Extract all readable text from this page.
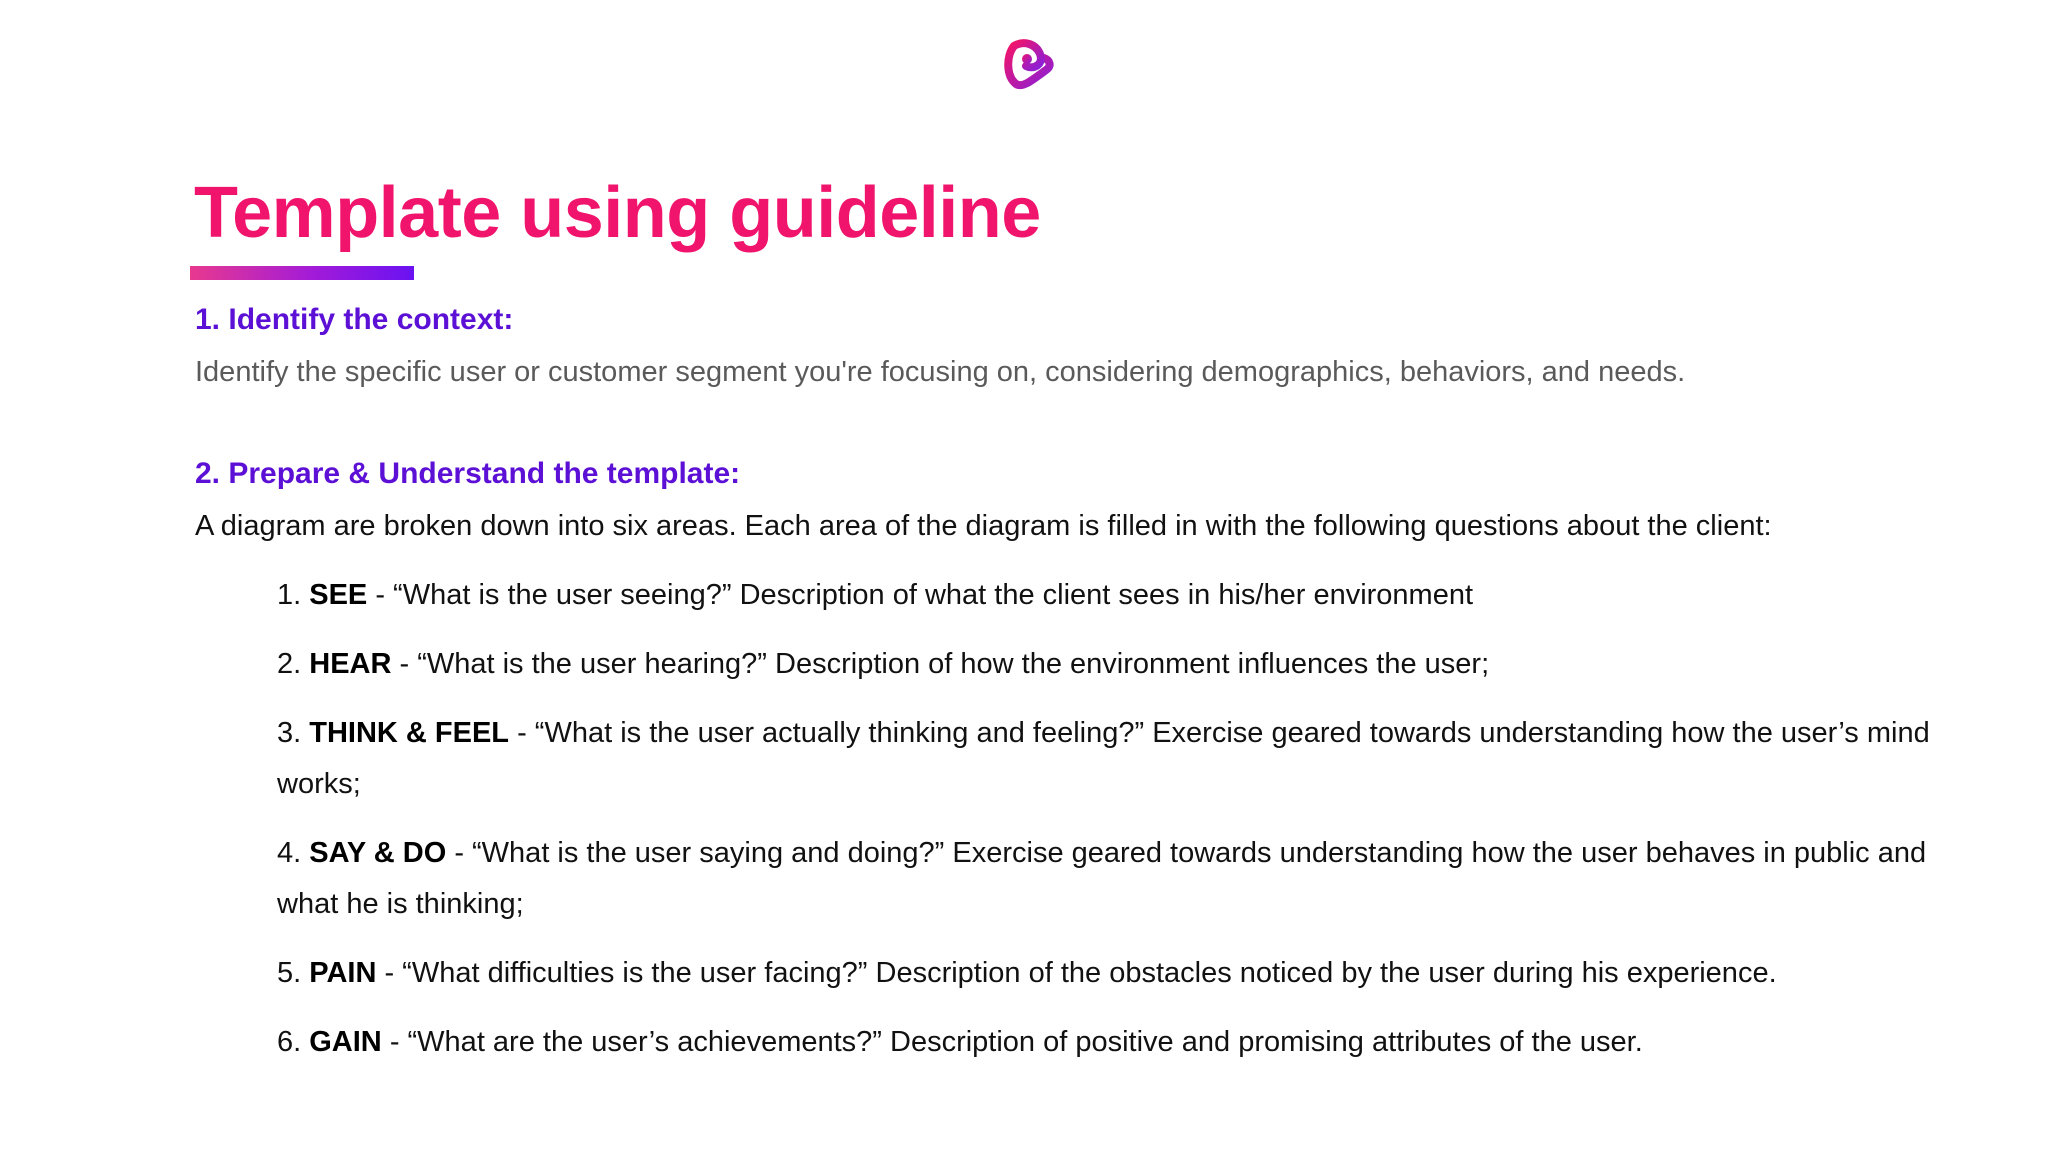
Template using guideline
1. Identify the context:

Identify the specific user or customer segment you're focusing on, considering demographics, behaviors, and needs.

2. Prepare & Understand the template:

A diagram are broken down into six areas. Each area of the diagram is filled in with the following questions about the client:

1. SEE - “What is the user seeing?” Description of what the client sees in his/her environment
2. HEAR - “What is the user hearing?” Description of how the environment influences the user;
3. THINK & FEEL - “What is the user actually thinking and feeling?” Exercise geared towards understanding how the user’s mind works;
4. SAY & DO - “What is the user saying and doing?” Exercise geared towards understanding how the user behaves in public and what he is thinking;
5. PAIN - “What difficulties is the user facing?” Description of the obstacles noticed by the user during his experience.
6. GAIN - “What are the user’s achievements?” Description of positive and promising attributes of the user.
